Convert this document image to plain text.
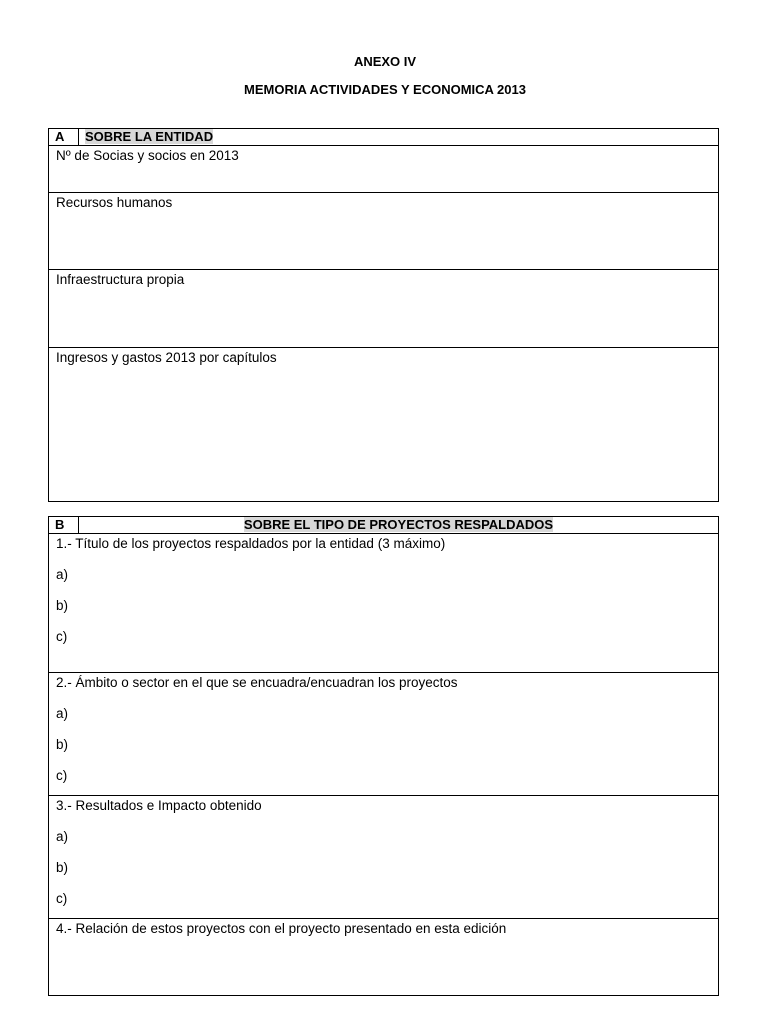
ANEXO IV
MEMORIA ACTIVIDADES Y ECONOMICA 2013
A	SOBRE LA ENTIDAD
Nº de Socias y socios en 2013
Recursos humanos
Infraestructura propia
Ingresos y gastos 2013 por capítulos
B	SOBRE EL TIPO DE PROYECTOS RESPALDADOS
1.- Título de los proyectos respaldados por la entidad (3 máximo)
a)
b)
c)

2.- Ámbito o sector en el que se encuadra/encuadran los proyectos
a)
b)
c)

3.- Resultados e Impacto obtenido
a)
b)
c)

4.- Relación de estos proyectos con el proyecto presentado en esta edición
